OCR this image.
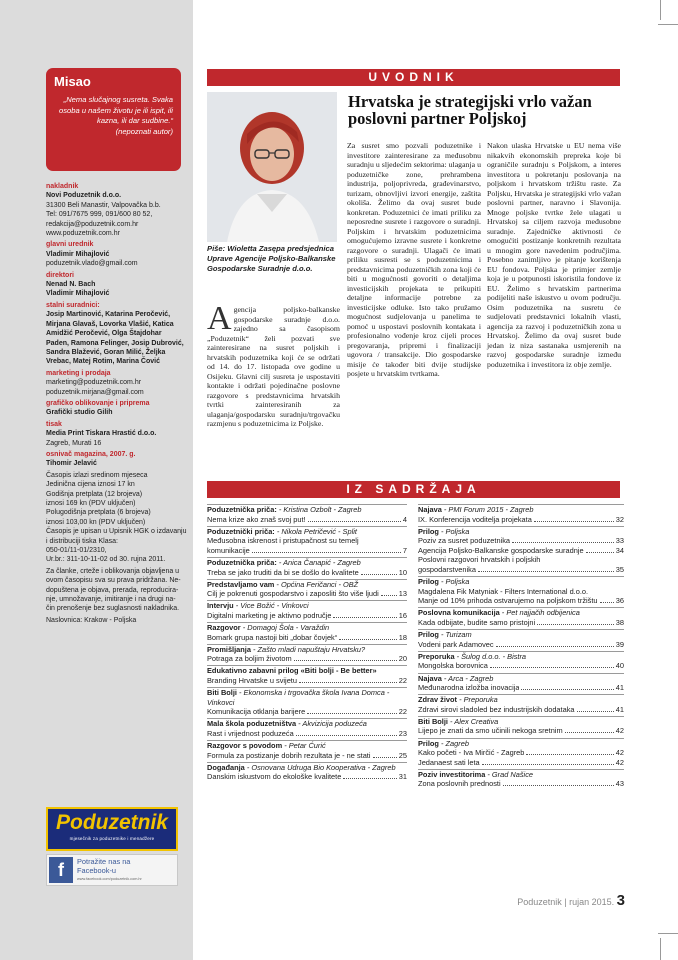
Misao
„Nema slučajnog susreta. Svaka osoba u našem životu je ili ispit, ili kazna, ili dar sudbine.“
(nepoznati autor)
nakladnik
Novi Poduzetnik d.o.o.
31300 Beli Manastir, Valpovačka b.b.
Tel: 091/7675 999, 091/600 80 52,
redakcija@poduzetnik.com.hr
www.poduzetnik.com.hr
glavni urednik
Vladimir Mihajlović
poduzetnik.vlado@gmail.com
direktori
Nenad N. Bach
Vladimir Mihajlović
stalni suradnici:
Josip Martinović, Katarina Peročević,
Mirjana Glavaš, Lovorka Vlašić, Katica
Amidžić Peročević, Olga Štajdohar
Paden, Ramona Felinger, Josip Dubrović,
Sandra Blažević, Goran Milić, Željka
Vrebac, Matej Rotim, Marina Čović
marketing i prodaja
marketing@poduzetnik.com.hr
poduzetnik.mirjana@gmail.com
grafičko oblikovanje i priprema
Grafički studio Gilih
tisak
Media Print Tiskara Hrastić d.o.o.
Zagreb, Murati 16
osnivač magazina, 2007. g.
Tihomir Jelavić
Časopis izlazi sredinom mjeseca
Jedinična cijena iznosi 17 kn
Godišnja pretplata (12 brojeva)
iznosi 169 kn (PDV uključen)
Polugodišnja pretplata (6 brojeva)
iznosi 103,00 kn (PDV uključen)
Časopis je upisan u Upisnik HGK o izdavanju
i distribuciji tiska Klasa:
050-01/11-01/2310,
Ur.br.: 311-10-11-02 od 30. rujna 2011.
Za članke, crteže i oblikovanja objavljena u
ovom časopisu sva su prava pridržana. Ne-
dopuštena je objava, prerada, reproducira-
nje, umnožavanje, imitiranje i na drugi na-
čin prenošenje bez suglasnosti nakladnika.
Naslovnica: Krakow - Poljska
Poduzetnik
mjesečnik za poduzetnike i menadžere
f	Potražite nas na
Facebook-u
www.facebook.com/poduzetnik.com.hr
UVODNIK
Hrvatska je strategijski vrlo važan poslovni partner Poljskoj
Piše: Wioletta Zasępa predsjednica Uprave Agencije Poljsko-Balkanske Gospodarske Suradnje d.o.o.
Agencija poljsko-balkanske gospodarske suradnje d.o.o. zajedno sa časopisom „Poduzetnik“ želi pozvati sve zainteresirane na susret poljskih i hrvatskih poduzetnika koji će se održati od 14. do 17. listopada ove godine u Osijeku. Glavni cilj susreta je uspostaviti kontakte i održati pojedinačne poslovne razgovore s predstavnicima hrvatskih tvrtki zainteresiranih za ulaganja/gospodarsku suradnju/trgovačku razmjenu s poduzetnicima iz Poljske.

Za susret smo pozvali poduzetnike i investitore zainteresirane za međusobnu suradnju u sljedećim sektorima: ulaganja u poduzetničke zone, prehrambena industrija, poljoprivreda, građevinarstvo, turizam, obnovljivi izvori energije, zaštita okoliša. Želimo da ovaj susret bude konkretan. Poduzetnici će imati priliku za neposredne susrete i razgovore o suradnji. Poljskim i hrvatskim poduzetnicima omogućujemo izravne susrete i konkretne razgovore o suradnji. Ulagači će imati priliku susresti se s poduzetnicima i predstavnicima poduzetničkih zona koji će biti u mogućnosti govoriti o detaljima investicijskih projekata te prikupiti detaljne informacije potrebne za investicijske odluke. Isto tako pružamo mogućnost sudjelovanja u panelima te pomoć u uspostavi poslovnih kontakata i profesionalno vođenje kroz cijeli proces pregovaranja, pripremi i finalizaciji ugovora / transakcije. Dio gospodarske misije će također biti dvije studijske posjete u hrvatskim tvrtkama.

Nakon ulaska Hrvatske u EU nema više nikakvih ekonomskih prepreka koje bi ograničile suradnju s Poljskom, a interes investitora u pokretanju poslovanja na poljskom i hrvatskom tržištu raste. Za Poljsku, Hrvatska je strategijski vrlo važan poslovni partner, naravno i Slavonija. Mnoge poljske tvrtke žele ulagati u Hrvatskoj sa ciljem razvoja međusobne suradnje. Zajedničke aktivnosti će omogućiti postizanje konkretnih rezultata u mnogim gore navedenim područjima. Posebno zanimljivo je pitanje korištenja EU fondova. Poljska je primjer zemlje koja je u potpunosti iskoristila fondove iz EU. Želimo s hrvatskim partnerima podijeliti naše iskustvo u ovom području. Osim poduzetnika na susretu će sudjelovati predstavnici lokalnih vlasti, agencija za razvoj i poduzetničkih zona u Hrvatskoj. Želimo da ovaj susret bude jedan iz niza sastanaka usmjerenih na razvoj gospodarske suradnje između poduzetnika i investitora iz obje zemlje.

IZ SADRŽAJA
Poduzetnička priča: - Kristina Ozbolt - Zagreb
Nema krize ako znaš svoj put!	4
Poduzetnički priča: - Nikola Petričević - Split
Međusobna iskrenost i pristupačnost su temelj
komunikacije	7
Poduzetnička priča: - Anica Čanapić - Zagreb
Treba se jako truditi da bi se došlo do kvalitete	10
Predstavljamo vam - Općina Feričanci - OBŽ
Cilj je pokrenuti gospodarstvo i zaposliti što više ljudi	13
Intervju - Vice Božić - Vinkovci
Digitalni marketing je aktivno područje	16
Razgovor - Domagoj Šola - Varaždin
Bomark grupa nastoji biti „dobar čovjek“	18
Promišljanja - Zašto mladi napuštaju Hrvatsku?
Potraga za boljim životom	20
Edukativno zabavni prilog «Biti bolji - Be better»
Branding Hrvatske u svijetu	22
Biti Bolji - Ekonomska i trgovačka škola Ivana Domca - Vinkovci
Komunikacija otklanja barijere	22
Mala škola poduzetništva - Akvizicija poduzeća
Rast i vrijednost poduzeća	23
Razgovor s povodom - Petar Ćurić
Formula za postizanje dobrih rezultata je - ne stati	25
Događanja - Osnovana Udruga Bio Kooperativa - Zagreb
Danskim iskustvom do ekološke kvalitete	31
Najava - PMI Forum 2015 - Zagreb
IX. Konferencija voditelja projekata	32
Prilog - Poljska
Poziv za susret poduzetnika	33
Agencija Poljsko-Balkanske gospodarske suradnje	34
Poslovni razgovori hrvatskih i poljskih
gospodarstvenika	35
Prilog - Poljska
Magdalena Fik Matyniak - Filters International d.o.o.
Manje od 10% prihoda ostvarujemo na poljskom tržištu 36
Poslovna komunikacija - Pet najjačih odbijenica
Kada odbijate, budite samo pristojni	38
Prilog - Turizam
Vodeni park Adamovec	39
Preporuka - Šulog d.o.o. - Bistra
Mongolska borovnica	40
Najava - Arca - Zagreb
Međunarodna izložba inovacija	41
Zdrav život - Preporuka
Zdravi sirovi sladoled bez industrijskih dodataka	41
Biti Bolji - Alex Creativa
Lijepo je znati da smo učinili nekoga sretnim	42
Prilog - Zagreb
Kako početi - Iva Mirčić - Zagreb	42
Jedanaest sati leta	42
Poziv investitorima - Grad Našice
Zona poslovnih prednosti	43
Poduzetnik | rujan 2015. 3
